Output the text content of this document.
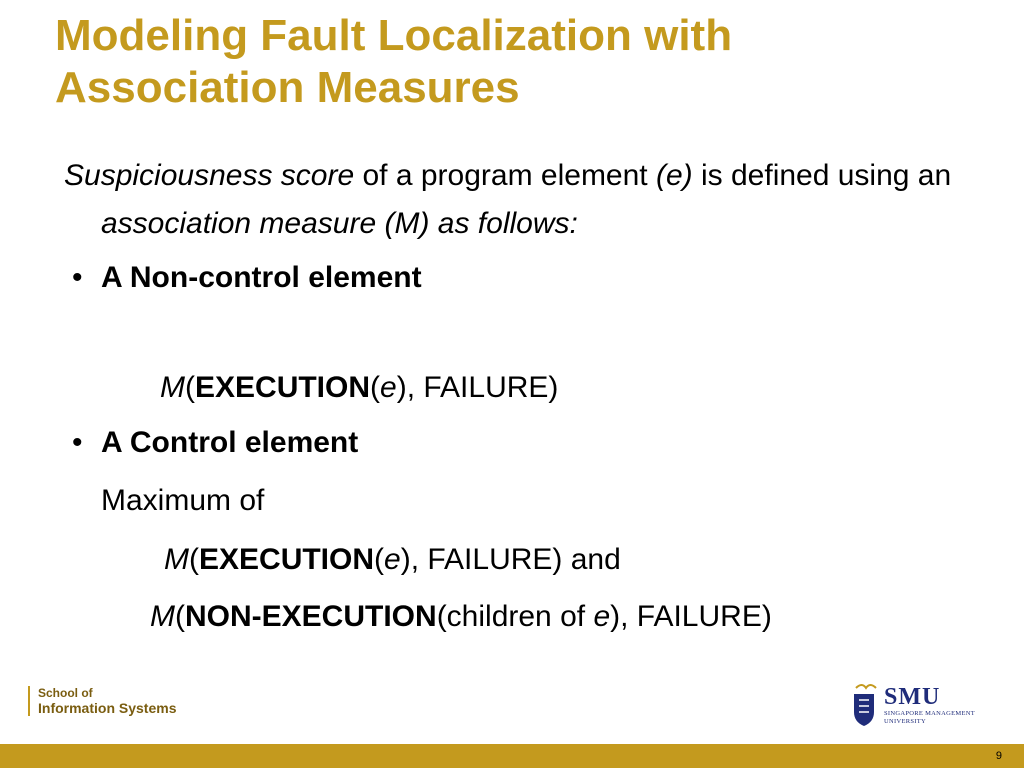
Modeling Fault Localization with
Association Measures

Suspiciousness score of a program element (e) is defined using an association measure (M) as follows:

• A Non-control element
M(EXECUTION(e), FAILURE)
• A Control element
Maximum of
M(EXECUTION(e), FAILURE) and
M(NON-EXECUTION(children of e), FAILURE)
School of
Information Systems	SMU
SINGAPORE MANAGEMENT
UNIVERSITY
9
